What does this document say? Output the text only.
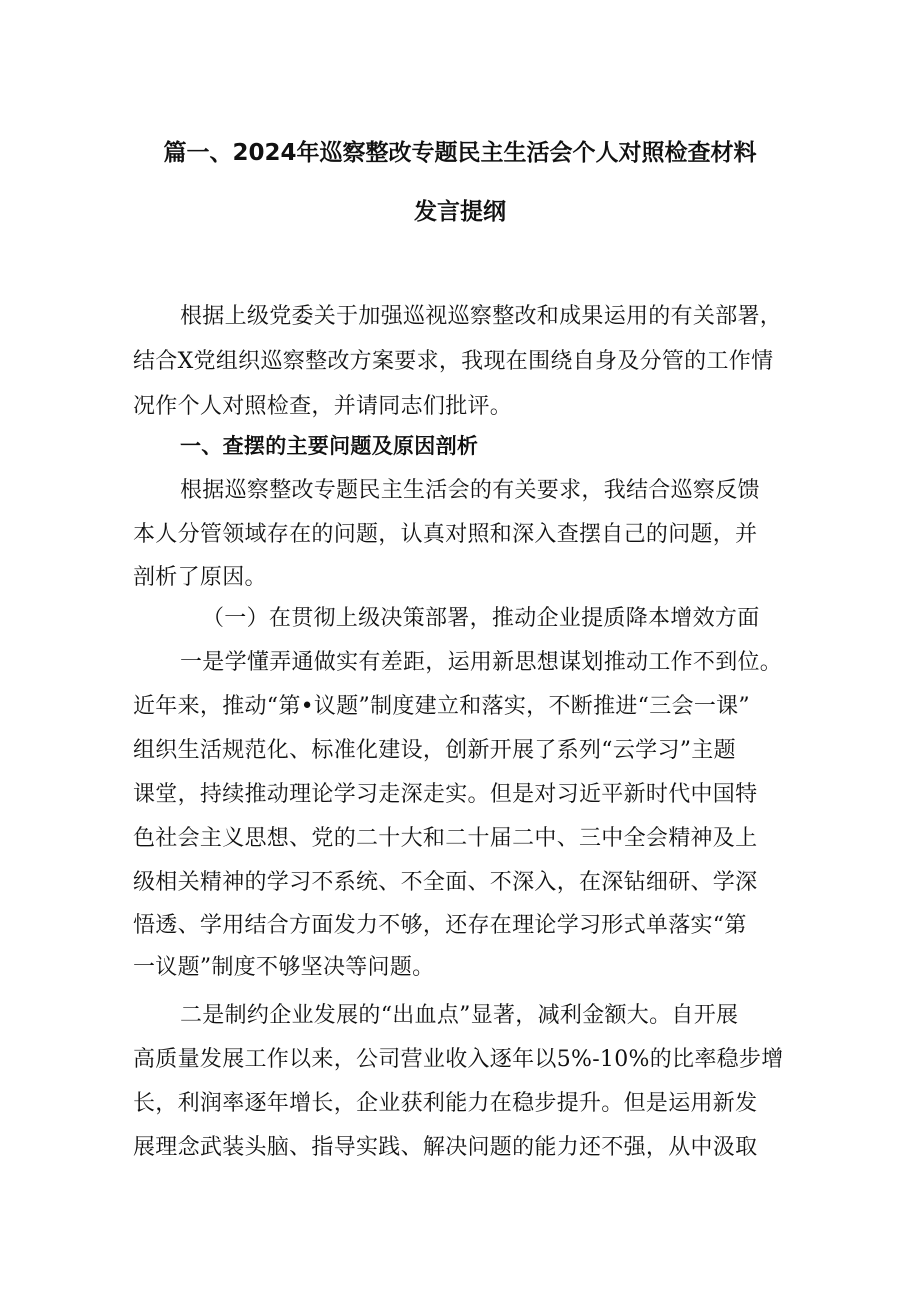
篇一、2024年巡察整改专题民主生活会个人对照检查材料
发言提纲
根据上级党委关于加强巡视巡察整改和成果运用的有关部署，
结合X党组织巡察整改方案要求，我现在围绕自身及分管的工作情
况作个人对照检查，并请同志们批评。
一、查摆的主要问题及原因剖析
根据巡察整改专题民主生活会的有关要求，我结合巡察反馈
本人分管领域存在的问题，认真对照和深入查摆自己的问题，并
剖析了原因。
（一）在贯彻上级决策部署，推动企业提质降本增效方面
一是学懂弄通做实有差距，运用新思想谋划推动工作不到位。
近年来，推动“第•议题”制度建立和落实，不断推进“三会一课”
组织生活规范化、标准化建设，创新开展了系列“云学习”主题
课堂，持续推动理论学习走深走实。但是对习近平新时代中国特
色社会主义思想、党的二十大和二十届二中、三中全会精神及上
级相关精神的学习不系统、不全面、不深入，在深钻细研、学深
悟透、学用结合方面发力不够，还存在理论学习形式单落实“第
一议题”制度不够坚决等问题。
二是制约企业发展的“出血点”显著，减利金额大。自开展
高质量发展工作以来，公司营业收入逐年以5%-10%的比率稳步增
长，利润率逐年增长，企业获利能力在稳步提升。但是运用新发
展理念武装头脑、指导实践、解决问题的能力还不强，从中汲取
